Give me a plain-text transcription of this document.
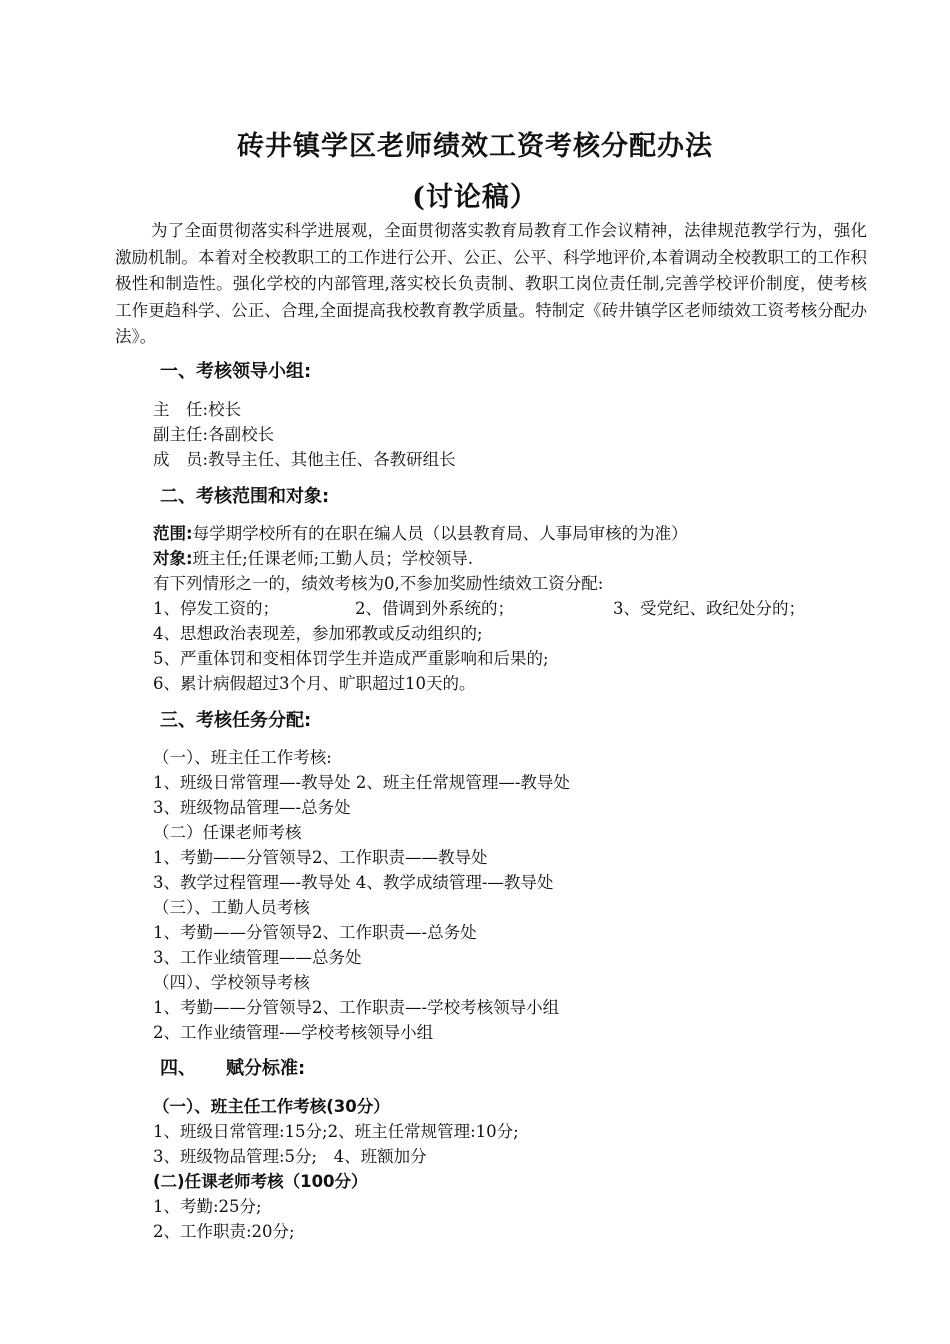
砖井镇学区老师绩效工资考核分配办法
(讨论稿）
为了全面贯彻落实科学进展观，全面贯彻落实教育局教育工作会议精神，法律规范教学行为，强化激励机制。本着对全校教职工的工作进行公开、公正、公平、科学地评价,本着调动全校教职工的工作积极性和制造性。强化学校的内部管理,落实校长负责制、教职工岗位责任制,完善学校评价制度，使考核工作更趋科学、公正、合理,全面提高我校教育教学质量。特制定《砖井镇学区老师绩效工资考核分配办法》。
一、考核领导小组:
主　任:校长
副主任:各副校长
成　员:教导主任、其他主任、各教研组长
二、考核范围和对象:
范围:每学期学校所有的在职在编人员（以县教育局、人事局审核的为准）
对象:班主任;任课老师;工勤人员；学校领导.
有下列情形之一的，绩效考核为0,不参加奖励性绩效工资分配:
1、停发工资的；	2、借调到外系统的；	3、受党纪、政纪处分的；
4、思想政治表现差，参加邪教或反动组织的;
5、严重体罚和变相体罚学生并造成严重影响和后果的;
6、累计病假超过3个月、旷职超过10天的。
三、考核任务分配:
（一）、班主任工作考核:
1、班级日常管理—-教导处 2、班主任常规管理—-教导处
3、班级物品管理—-总务处
（二）任课老师考核
1、考勤——分管领导2、工作职责——教导处
3、教学过程管理—-教导处 4、教学成绩管理-—教导处
（三）、工勤人员考核
1、考勤——分管领导2、工作职责—-总务处
3、工作业绩管理——总务处
（四）、学校领导考核
1、考勤——分管领导2、工作职责—-学校考核领导小组
2、工作业绩管理-—学校考核领导小组
四、 赋分标准:
（一）、班主任工作考核(30分）
1、班级日常管理:15分;2、班主任常规管理:10分;
3、班级物品管理:5分;　4、班额加分
(二)任课老师考核（100分）
1、考勤:25分;
2、工作职责:20分;
